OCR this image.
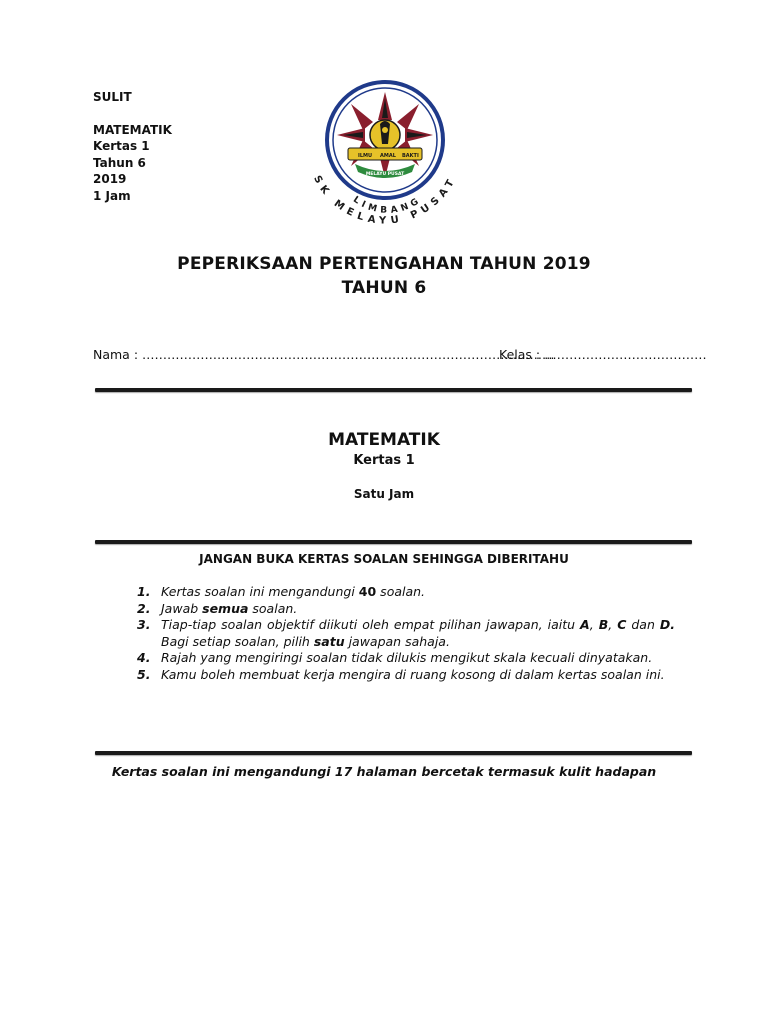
SULIT
MATEMATIK
Kertas 1
Tahun 6
2019
1 Jam
ILMU AMAL BAKTI
MELAYU PUSAT
SK MELAYU PUSAT
LIMBANG
PEPERIKSAAN PERTENGAHAN TAHUN 2019
TAHUN 6
Nama : ………………………………………………………………………………………
Kelas : …………………………………
MATEMATIK
Kertas 1
Satu Jam
JANGAN BUKA KERTAS SOALAN SEHINGGA DIBERITAHU
1. Kertas soalan ini mengandungi 40 soalan.
2. Jawab semua soalan.
3. Tiap-tiap soalan objektif diikuti oleh empat pilihan jawapan, iaitu A, B, C dan D. Bagi setiap soalan, pilih satu jawapan sahaja.
4. Rajah yang mengiringi soalan tidak dilukis mengikut skala kecuali dinyatakan.
5. Kamu boleh membuat kerja mengira di ruang kosong di dalam kertas soalan ini.
Kertas soalan ini mengandungi 17 halaman bercetak termasuk kulit hadapan
